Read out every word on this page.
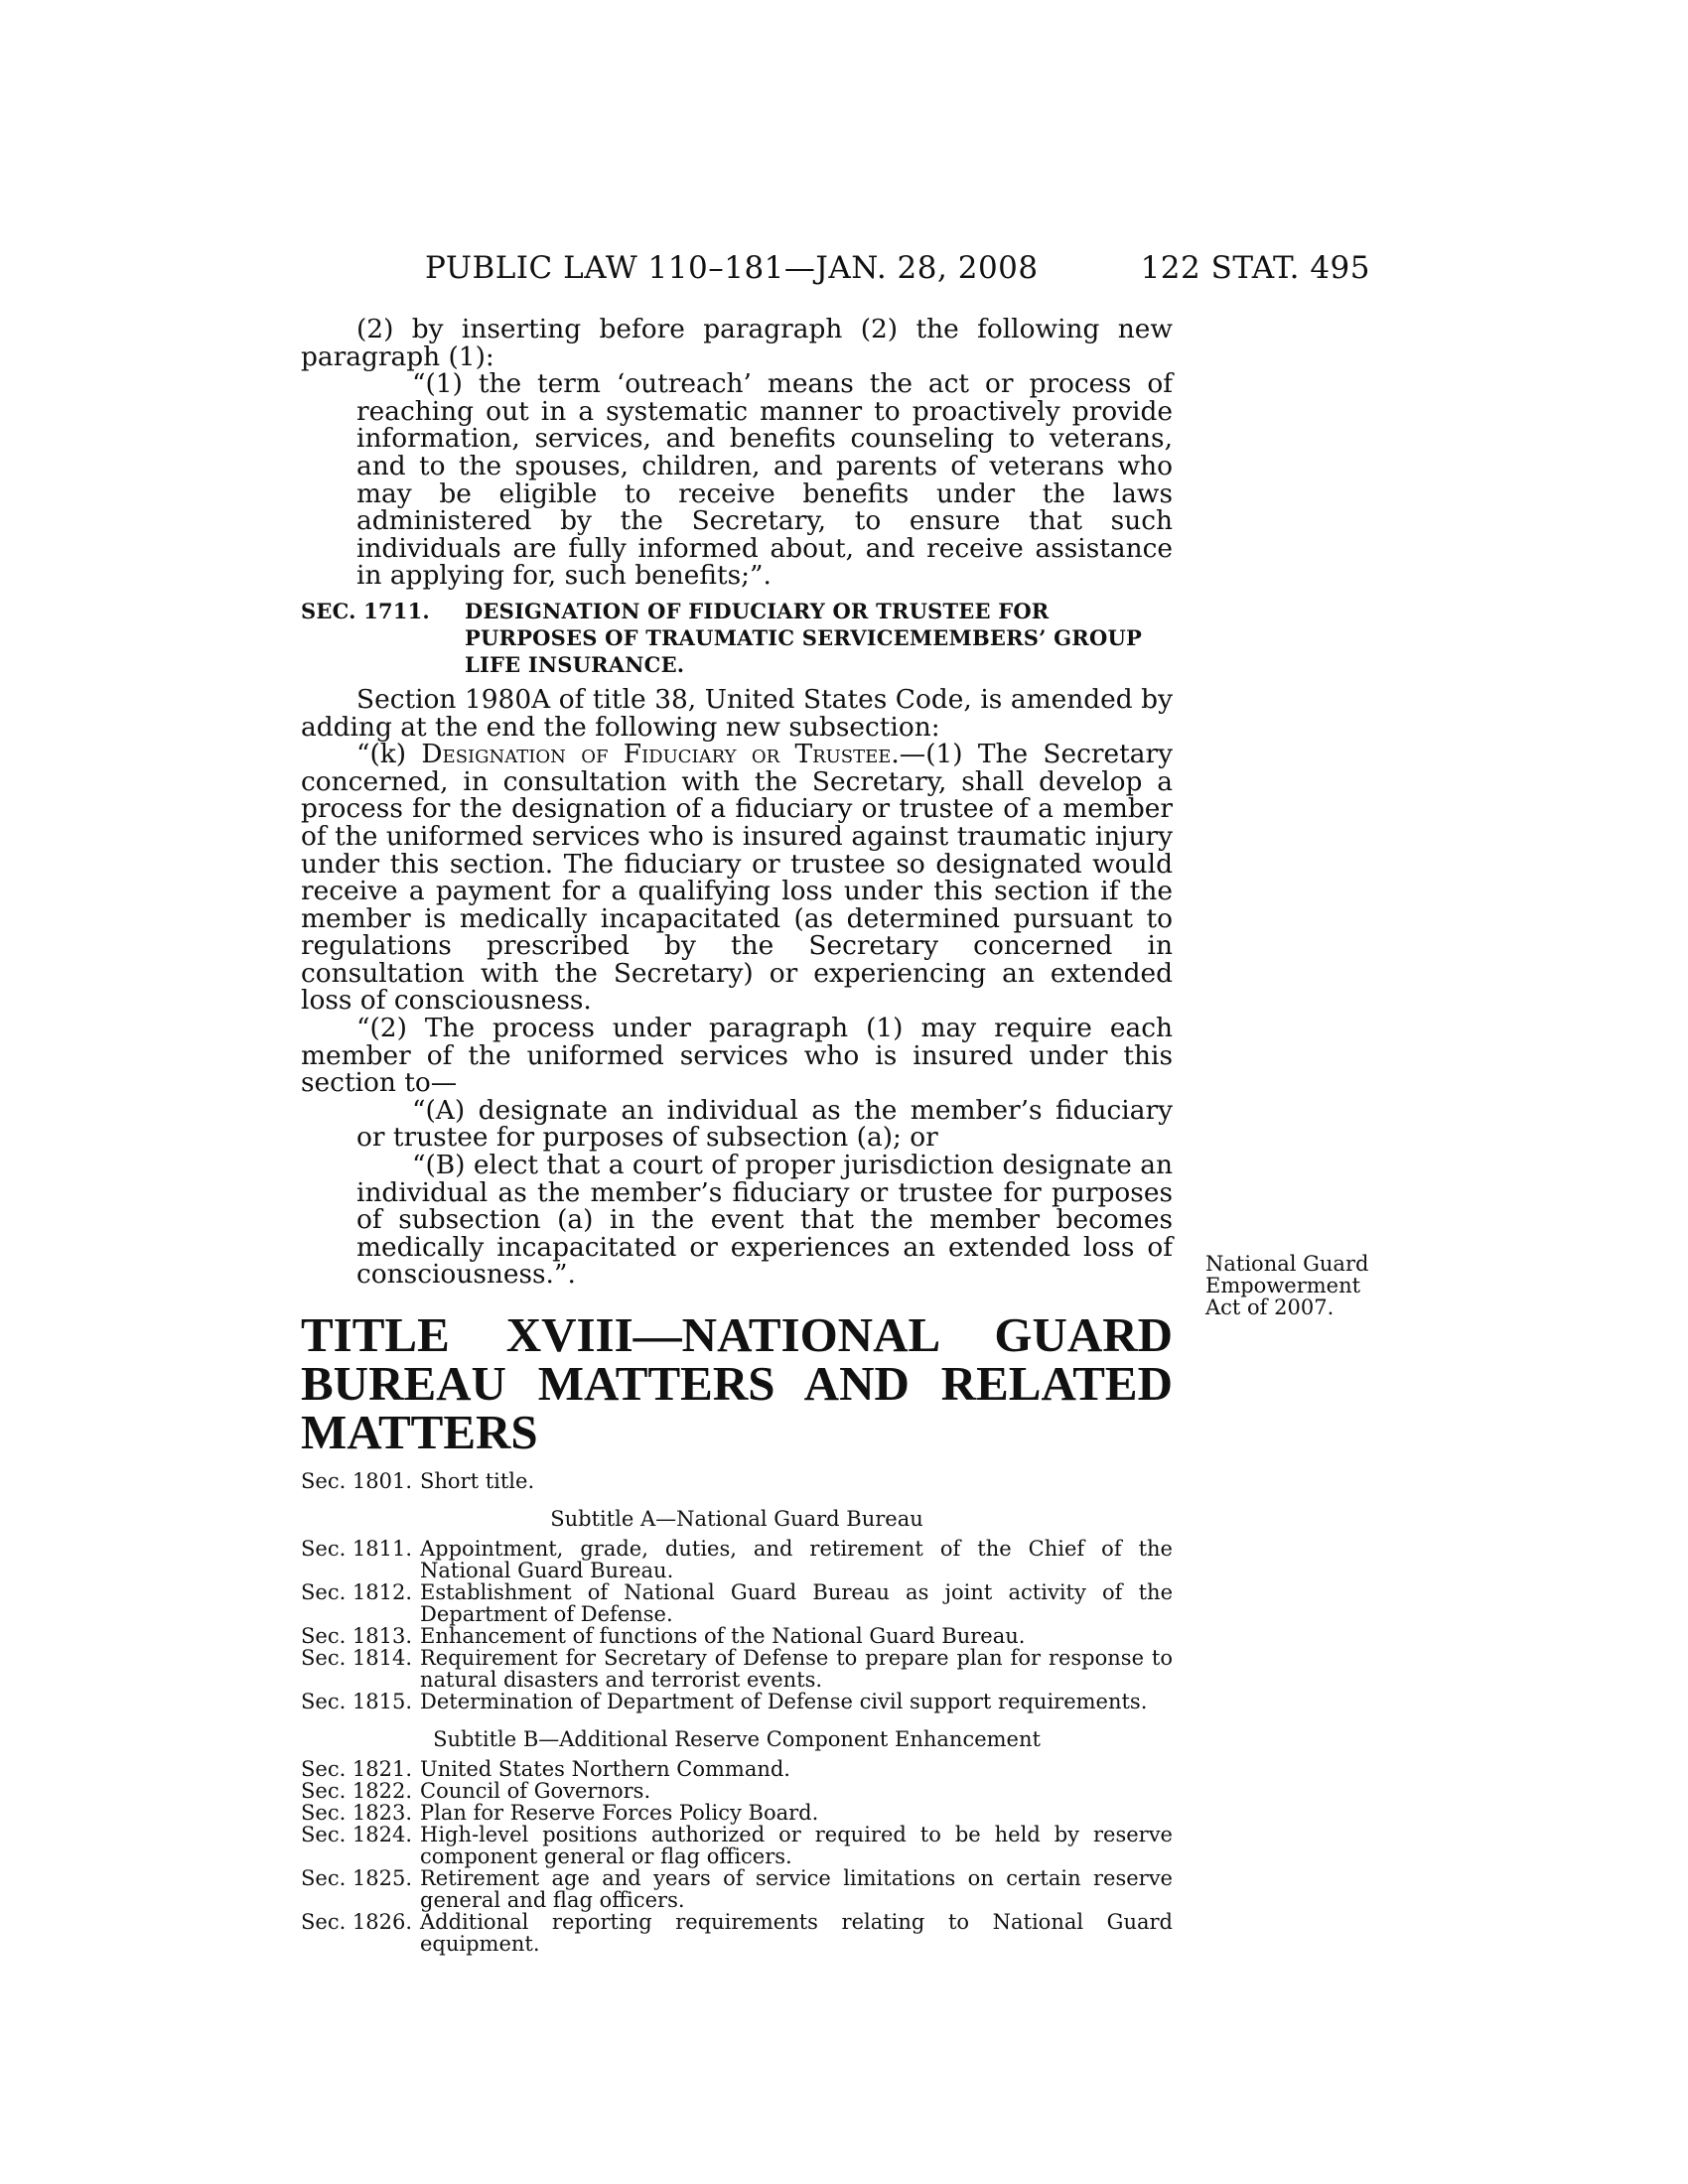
PUBLIC LAW 110–181—JAN. 28, 2008	122 STAT. 495

(2) by inserting before paragraph (2) the following new paragraph (1):

“(1) the term ‘outreach’ means the act or process of reaching out in a systematic manner to proactively provide information, services, and benefits counseling to veterans, and to the spouses, children, and parents of veterans who may be eligible to receive benefits under the laws administered by the Secretary, to ensure that such individuals are fully informed about, and receive assistance in applying for, such benefits;”.

SEC. 1711.	DESIGNATION OF FIDUCIARY OR TRUSTEE FOR PURPOSES OF TRAUMATIC SERVICEMEMBERS’ GROUP LIFE INSURANCE.

Section 1980A of title 38, United States Code, is amended by adding at the end the following new subsection:

“(k) Designation of Fiduciary or Trustee.—(1) The Secretary concerned, in consultation with the Secretary, shall develop a process for the designation of a fiduciary or trustee of a member of the uniformed services who is insured against traumatic injury under this section. The fiduciary or trustee so designated would receive a payment for a qualifying loss under this section if the member is medically incapacitated (as determined pursuant to regulations prescribed by the Secretary concerned in consultation with the Secretary) or experiencing an extended loss of consciousness.

“(2) The process under paragraph (1) may require each member of the uniformed services who is insured under this section to—

“(A) designate an individual as the member’s fiduciary or trustee for purposes of subsection (a); or

“(B) elect that a court of proper jurisdiction designate an individual as the member’s fiduciary or trustee for purposes of subsection (a) in the event that the member becomes medically incapacitated or experiences an extended loss of consciousness.”.

TITLE XVIII—NATIONAL GUARD BUREAU MATTERS AND RELATED MATTERS

Sec. 1801. Short title.

Subtitle A—National Guard Bureau

Sec. 1811. Appointment, grade, duties, and retirement of the Chief of the National Guard Bureau.
Sec. 1812. Establishment of National Guard Bureau as joint activity of the Department of Defense.
Sec. 1813. Enhancement of functions of the National Guard Bureau.
Sec. 1814. Requirement for Secretary of Defense to prepare plan for response to natural disasters and terrorist events.
Sec. 1815. Determination of Department of Defense civil support requirements.

Subtitle B—Additional Reserve Component Enhancement

Sec. 1821. United States Northern Command.
Sec. 1822. Council of Governors.
Sec. 1823. Plan for Reserve Forces Policy Board.
Sec. 1824. High-level positions authorized or required to be held by reserve component general or flag officers.
Sec. 1825. Retirement age and years of service limitations on certain reserve general and flag officers.
Sec. 1826. Additional reporting requirements relating to National Guard equipment.
National Guard Empowerment Act of 2007.
